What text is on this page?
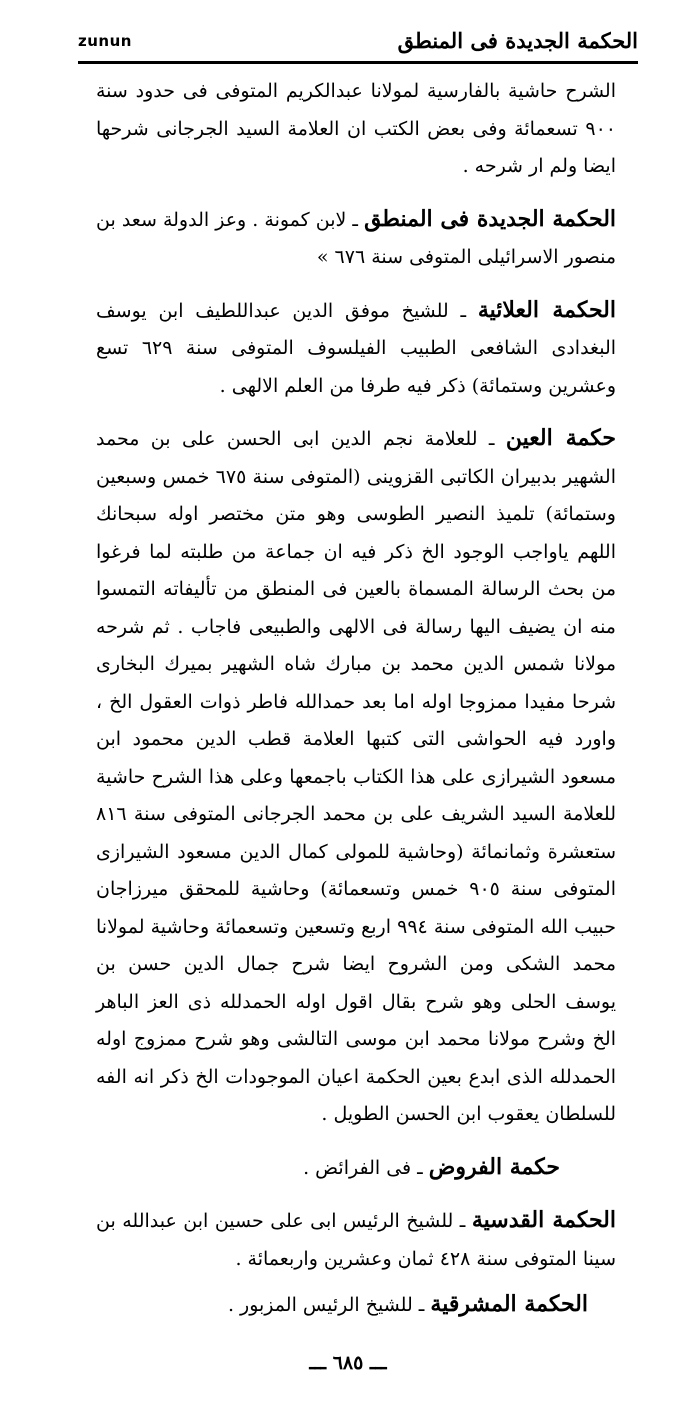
zunun	الحكمة الجديدة فى المنطق

الشرح حاشية بالفارسية لمولانا عبدالكريم المتوفى فى حدود سنة ٩٠٠ تسعمائة وفى بعض الكتب ان العلامة السيد الجرجانى شرحها ايضا ولم ار شرحه .

الحكمة الجديدة فى المنطق ـ لابن كمونة . وعز الدولة سعد بن منصور الاسرائيلى المتوفى سنة ٦٧٦ »

الحكمة العلائية ـ للشيخ موفق الدين عبداللطيف ابن يوسف البغدادى الشافعى الطبيب الفيلسوف المتوفى سنة ٦٢٩ تسع وعشرين وستمائة) ذكر فيه طرفا من العلم الالهى .

حكمة العين ـ للعلامة نجم الدين ابى الحسن على بن محمد الشهير بدبيران الكاتبى القزوينى (المتوفى سنة ٦٧٥ خمس وسبعين وستمائة) تلميذ النصير الطوسى وهو متن مختصر اوله سبحانك اللهم ياواجب الوجود الخ ذكر فيه ان جماعة من طلبته لما فرغوا من بحث الرسالة المسماة بالعين فى المنطق من تأليفاته التمسوا منه ان يضيف اليها رسالة فى الالهى والطبيعى فاجاب . ثم شرحه مولانا شمس الدين محمد بن مبارك شاه الشهير بميرك البخارى شرحا مفيدا ممزوجا اوله اما بعد حمدالله فاطر ذوات العقول الخ ، واورد فيه الحواشى التى كتبها العلامة قطب الدين محمود ابن مسعود الشيرازى على هذا الكتاب باجمعها وعلى هذا الشرح حاشية للعلامة السيد الشريف على بن محمد الجرجانى المتوفى سنة ٨١٦ ستعشرة وثمانمائة (وحاشية للمولى كمال الدين مسعود الشيرازى المتوفى سنة ٩٠٥ خمس وتسعمائة) وحاشية للمحقق ميرزاجان حبيب الله المتوفى سنة ٩٩٤ اربع وتسعين وتسعمائة وحاشية لمولانا محمد الشكى ومن الشروح ايضا شرح جمال الدين حسن بن يوسف الحلى وهو شرح بقال اقول اوله الحمدلله ذى العز الباهر الخ وشرح مولانا محمد ابن موسى التالشى وهو شرح ممزوج اوله الحمدلله الذى ابدع بعين الحكمة اعيان الموجودات الخ ذكر انه الفه للسلطان يعقوب ابن الحسن الطويل .

حكمة الفروض ـ فى الفرائض .

الحكمة القدسية ـ للشيخ الرئيس ابى على حسين ابن عبدالله بن سينا المتوفى سنة ٤٢٨ ثمان وعشرين واربعمائة .

الحكمة المشرقية ـ للشيخ الرئيس المزبور .

ـــ ٦٨٥ ـــ
